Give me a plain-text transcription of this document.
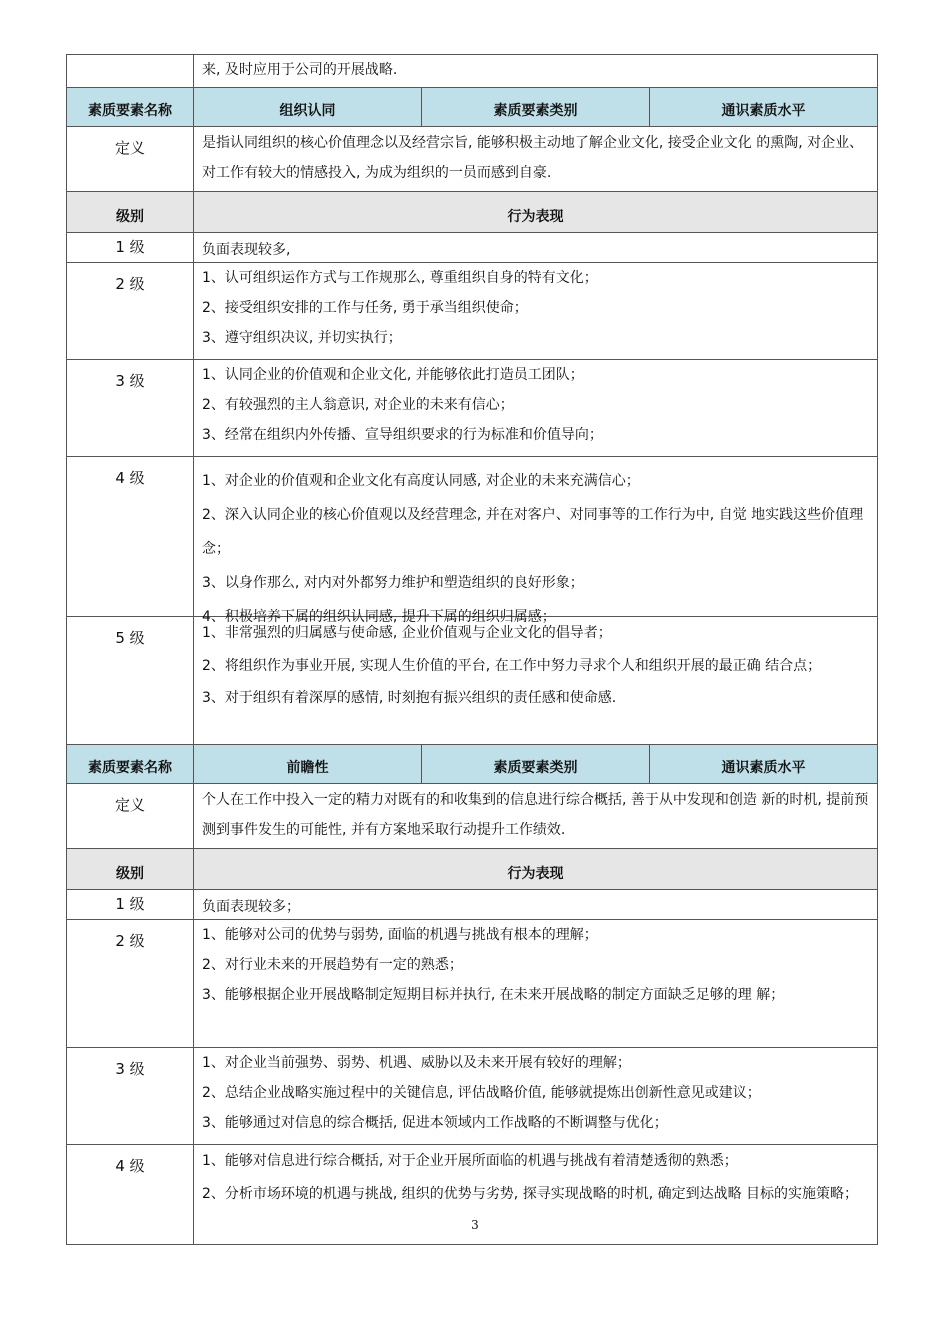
	来, 及时应用于公司的开展战略.		
素质要素名称	组织认同	素质要素类别	通识素质水平
定义	是指认同组织的核心价值理念以及经营宗旨, 能够积极主动地了解企业文化, 接受企业文化 的熏陶, 对企业、对工作有较大的情感投入, 为成为组织的一员而感到自豪.		
级别	行为表现		
1 级	负面表现较多,		
2 级	1、认可组织运作方式与工作规那么, 尊重组织自身的特有文化；
2、接受组织安排的工作与任务, 勇于承当组织使命；
3、遵守组织决议, 并切实执行；		

3 级	1、认同企业的价值观和企业文化, 并能够依此打造员工团队；
2、有较强烈的主人翁意识, 对企业的未来有信心；
3、经常在组织内外传播、宣导组织要求的行为标准和价值导向；		

4 级	1、对企业的价值观和企业文化有高度认同感, 对企业的未来充满信心；
2、深入认同企业的核心价值观以及经营理念, 并在对客户、对同事等的工作行为中, 自觉 地实践这些价值理念；
3、以身作那么, 对内对外都努力维护和塑造组织的良好形象；
4、积极培养下属的组织认同感, 提升下属的组织归属感；		

5 级	1、非常强烈的归属感与使命感, 企业价值观与企业文化的倡导者；
2、将组织作为事业开展, 实现人生价值的平台, 在工作中努力寻求个人和组织开展的最正确 结合点；
3、对于组织有着深厚的感情, 时刻抱有振兴组织的责任感和使命感.		

素质要素名称	前瞻性	素质要素类别	通识素质水平
定义	个人在工作中投入一定的精力对既有的和收集到的信息进行综合概括, 善于从中发现和创造 新的时机, 提前预测到事件发生的可能性, 并有方案地采取行动提升工作绩效.		
级别	行为表现		
1 级	负面表现较多；		
2 级	1、能够对公司的优势与弱势, 面临的机遇与挑战有根本的理解；
2、对行业未来的开展趋势有一定的熟悉；
3、能够根据企业开展战略制定短期目标并执行, 在未来开展战略的制定方面缺乏足够的理 解；		

3 级	1、对企业当前强势、弱势、机遇、威胁以及未来开展有较好的理解；
2、总结企业战略实施过程中的关键信息, 评估战略价值, 能够就提炼出创新性意见或建议；
3、能够通过对信息的综合概括, 促进本领域内工作战略的不断调整与优化；		

4 级	1、能够对信息进行综合概括, 对于企业开展所面临的机遇与挑战有着清楚透彻的熟悉；
2、分析市场环境的机遇与挑战, 组织的优势与劣势, 探寻实现战略的时机, 确定到达战略 目标的实施策略；		
3
